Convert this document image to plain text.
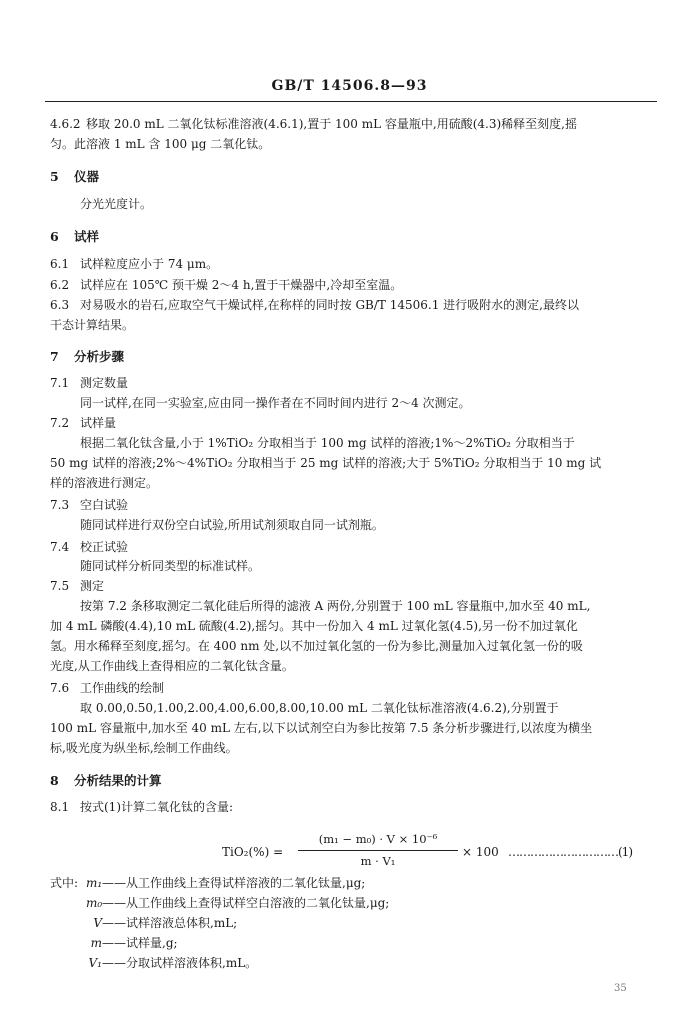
GB/T 14506.8—93
4.6.2 移取 20.0 mL 二氧化钛标准溶液(4.6.1),置于 100 mL 容量瓶中,用硫酸(4.3)稀释至刻度,摇
匀。此溶液 1 mL 含 100 μg 二氧化钛。
5 仪器
分光光度计。
6 试样
6.1 试样粒度应小于 74 μm。
6.2 试样应在 105℃ 预干燥 2～4 h,置于干燥器中,冷却至室温。
6.3 对易吸水的岩石,应取空气干燥试样,在称样的同时按 GB/T 14506.1 进行吸附水的测定,最终以
干态计算结果。
7 分析步骤
7.1 测定数量
同一试样,在同一实验室,应由同一操作者在不同时间内进行 2～4 次测定。
7.2 试样量
根据二氧化钛含量,小于 1%TiO₂ 分取相当于 100 mg 试样的溶液;1%～2%TiO₂ 分取相当于
50 mg 试样的溶液;2%～4%TiO₂ 分取相当于 25 mg 试样的溶液;大于 5%TiO₂ 分取相当于 10 mg 试
样的溶液进行测定。
7.3 空白试验
随同试样进行双份空白试验,所用试剂须取自同一试剂瓶。
7.4 校正试验
随同试样分析同类型的标准试样。
7.5 测定
按第 7.2 条移取测定二氧化硅后所得的滤液 A 两份,分别置于 100 mL 容量瓶中,加水至 40 mL,
加 4 mL 磷酸(4.4),10 mL 硫酸(4.2),摇匀。其中一份加入 4 mL 过氧化氢(4.5),另一份不加过氧化
氢。用水稀释至刻度,摇匀。在 400 nm 处,以不加过氧化氢的一份为参比,测量加入过氧化氢一份的吸
光度,从工作曲线上查得相应的二氧化钛含量。
7.6 工作曲线的绘制
取 0.00,0.50,1.00,2.00,4.00,6.00,8.00,10.00 mL 二氧化钛标准溶液(4.6.2),分别置于
100 mL 容量瓶中,加水至 40 mL 左右,以下以试剂空白为参比按第 7.5 条分析步骤进行,以浓度为横坐
标,吸光度为纵坐标,绘制工作曲线。
8 分析结果的计算
8.1 按式(1)计算二氧化钛的含量:
TiO₂(%) =
(m₁ − m₀) · V × 10⁻⁶
m · V₁
× 100 …………………………(1)
式中: m₁——从工作曲线上查得试样溶液的二氧化钛量,μg;
m₀——从工作曲线上查得试样空白溶液的二氧化钛量,μg;
V——试样溶液总体积,mL;
m——试样量,g;
V₁——分取试样溶液体积,mL。
35
